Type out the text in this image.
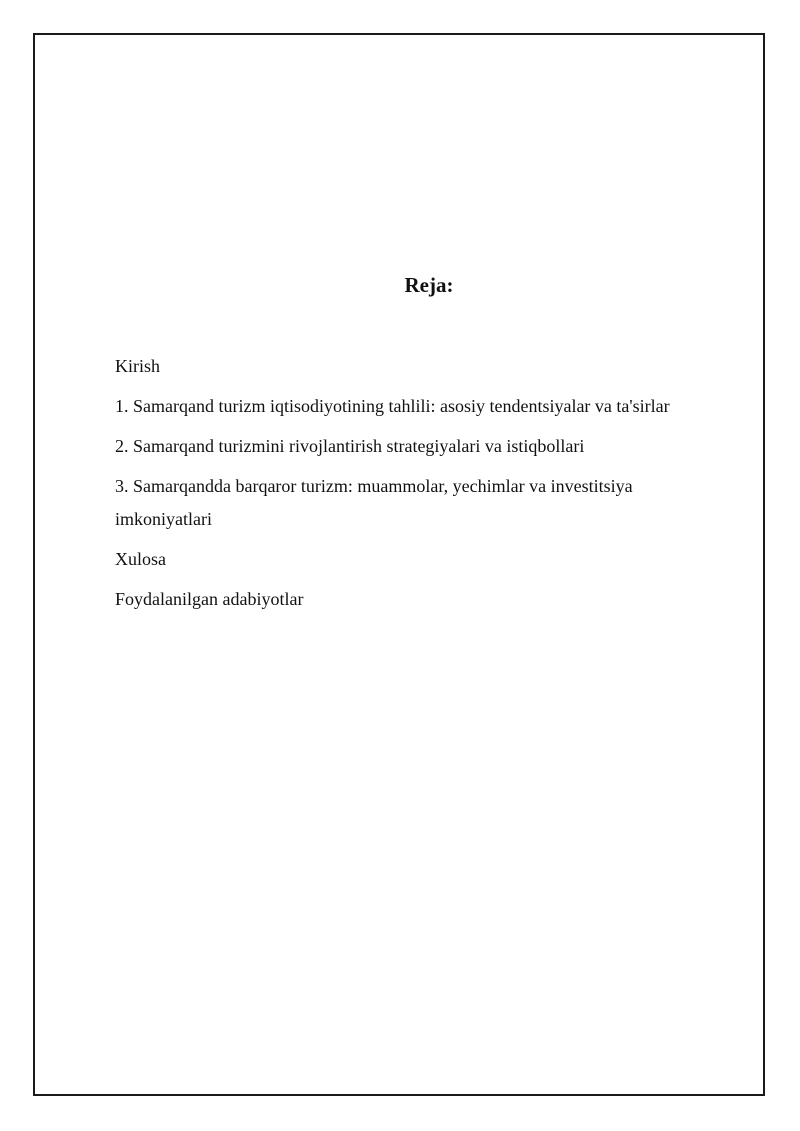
Reja:
Kirish
1. Samarqand turizm iqtisodiyotining tahlili: asosiy tendentsiyalar va ta'sirlar
2. Samarqand turizmini rivojlantirish strategiyalari va istiqbollari
3. Samarqandda barqaror turizm: muammolar, yechimlar va investitsiya imkoniyatlari
Xulosa
Foydalanilgan adabiyotlar
